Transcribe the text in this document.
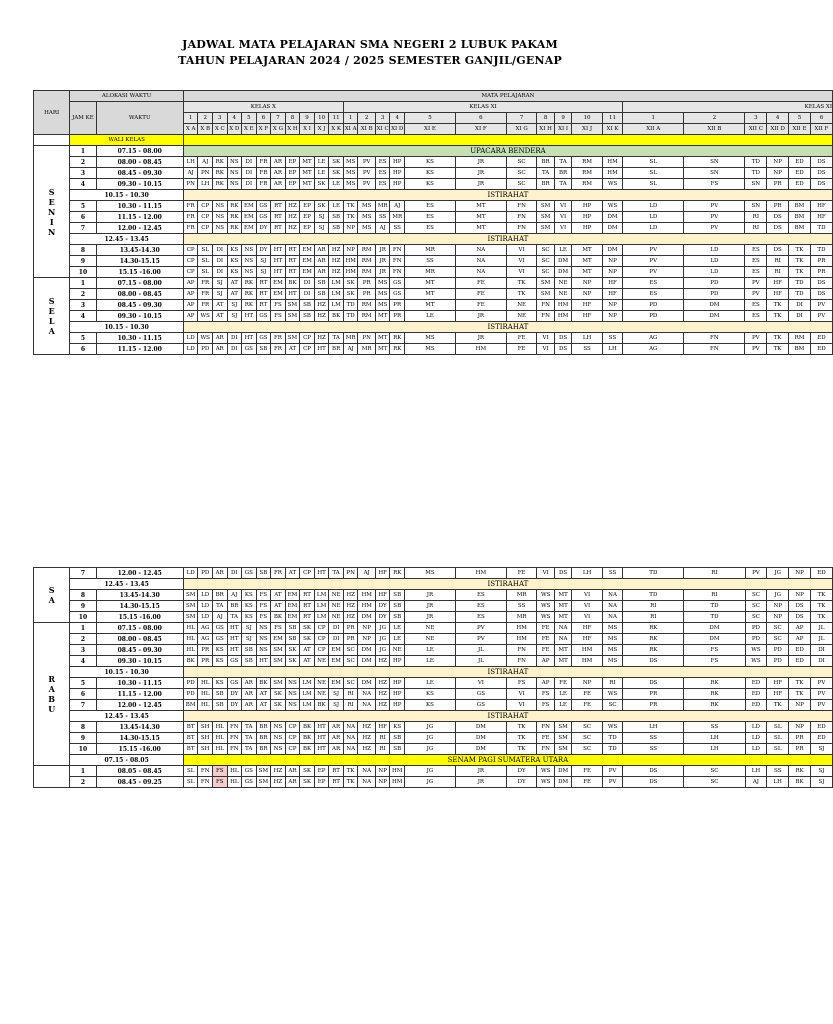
JADWAL MATA PELAJARAN SMA NEGERI 2 LUBUK PAKAM
TAHUN PELAJARAN 2024 / 2025 SEMESTER GANJIL/GENAP
HARI	ALOKASI WAKTU		MATA PELAJARAN																											
	JAM KE	WAKTU	KELAS X											KELAS XI											KELAS XI					
			1	2	3	4	5	6	7	8	9	10	11	1	2	3	4	5	6	7	8	9	10	11	1	2	3	4	5	6
			X A	X B	X C	X D	X E	X F	X G	X H	X I	X J	X K	XI A	XI B	XI C	XI D	XI E	XI F	XI G	XI H	XI I	XI J	XI K	XII A	XII B	XII C	XII D	XII E	XII F
	WALI KELAS																													
S
E
N
I
N	1	07.15 - 08.00	UPACARA BENDERA																											
	2	08.00 - 08.45	LH	AJ	RK	NS	DI	FR	AR	EP	MT	LE	SK	MS	PV	ES	HP	KS	JR	SC	BR	TA	RM	HM	SL	SN	TD	NP	ED	DS
	3	08.45 - 09.30	AJ	PN	RK	NS	DI	FR	AR	EP	MT	LE	SK	MS	PV	ES	HP	KS	JR	SC	TA	BR	RM	HM	SL	SN	TD	NP	ED	DS
	4	09.30 - 10.15	PN	LH	RK	NS	DI	FR	AR	EP	MT	SK	LE	MS	PV	ES	HP	KS	JR	SC	BR	TA	RM	WS	SL	FS	SN	PR	ED	DS
	10.15 - 10.30		ISTIRAHAT																											
	5	10.30 - 11.15	FR	CP	NS	RK	EM	GS	RT	HZ	EP	SK	LE	TK	MS	MR	AJ	ES	MT	FN	SM	VI	HP	WS	LD	PV	SN	PR	BM	HF
	6	11.15 - 12.00	FR	CP	NS	RK	EM	GS	RT	HZ	EP	SJ	SB	TK	MS	SS	MR	ES	MT	FN	SM	VI	HP	DM	LD	PV	RI	DS	BM	HF
	7	12.00 - 12.45	FR	CP	NS	RK	EM	DY	RT	HZ	EP	SJ	SB	NP	MS	AJ	SS	ES	MT	FN	SM	VI	HP	DM	LD	PV	RI	DS	BM	TD
	12.45 - 13.45		ISTIRAHAT																											
	8	13.45-14.30	CP	SL	DI	KS	NS	DY	HT	RT	EM	AR	HZ	NP	RM	JR	FN	MR	NA	VI	SC	LE	MT	DM	PV	LD	ES	DS	TK	TD
	9	14.30-15.15	CP	SL	DI	KS	NS	SJ	HT	RT	EM	AR	HZ	HM	RM	JR	FN	SS	NA	VI	SC	DM	MT	NP	PV	LD	ES	RI	TK	PR
	10	15.15 -16.00	CP	SL	DI	KS	NS	SJ	HT	RT	EM	AR	HZ	HM	RM	JR	FN	MR	NA	VI	SC	DM	MT	NP	PV	LD	ES	RI	TK	PR
S
E
L
A	1	07.15 - 08.00	AP	FR	SJ	AT	RK	RT	EM	BK	DI	SB	LM	SK	PR	MS	GS	MT	FE	TK	SM	NE	NP	HF	ES	PD	PV	HF	TD	DS
	2	08.00 - 08.45	AP	FR	SJ	AT	RK	RT	EM	HT	DI	SB	LM	SK	PR	MS	GS	MT	FE	TK	SM	NE	NP	HF	ES	PD	PV	HF	TD	DS
	3	08.45 - 09.30	AP	FR	AT	SJ	RK	RT	FS	SM	SB	HZ	LM	TD	RM	MS	PR	MT	FE	NE	FN	HM	HF	NP	PD	DM	ES	TK	DI	PV
	4	09.30 - 10.15	AP	WS	AT	SJ	HT	GS	FS	SM	SB	HZ	BK	TD	RM	MT	PR	LE	JR	NE	FN	HM	HF	NP	PD	DM	ES	TK	DI	PV
	10.15 - 10.30		ISTIRAHAT																											
	5	10.30 - 11.15	LD	WS	AR	DI	HT	GS	FR	SM	CP	HZ	TA	MR	PN	MT	RK	MS	JR	FE	VI	DS	LH	SS	AG	FN	PV	TK	RM	ED
	6	11.15 - 12.00	LD	PD	AR	DI	GS	SB	FR	AT	CP	HT	BR	AJ	MR	MT	RK	MS	HM	FE	VI	DS	SS	LH	AG	FN	PV	TK	BM	ED
S
A	7	12.00 - 12.45	LD	PD	AR	DI	GS	SB	FR	AT	CP	HT	TA	PN	AJ	HF	RK	MS	HM	FE	VI	DS	LH	SS	TD	RI	PV	JG	NP	ED
	12.45 - 13.45		ISTIRAHAT																											
	8	13.45-14.30	SM	LD	BR	AJ	KS	FS	AT	EM	RT	LM	NE	HZ	HM	HF	SB	JR	ES	MR	WS	MT	VI	NA	TD	RI	SC	JG	NP	TK
	9	14.30-15.15	SM	LD	TA	BR	KS	FS	AT	EM	RT	LM	NE	HZ	HM	DY	SB	JR	ES	SS	WS	MT	VI	NA	RI	TD	SC	NP	DS	TK
	10	15.15 -16.00	SM	LD	AJ	TA	KS	FS	BK	EM	RT	LM	NE	HZ	DM	DY	SB	JR	ES	MR	WS	MT	VI	NA	RI	TD	SC	NP	DS	TK
R
A
B
U	1	07.15 - 08.00	HL	AG	GS	HT	SJ	NS	FS	SB	SK	CP	DI	PR	NP	JG	LE	NE	PV	HM	FE	NA	HF	MS	RK	DM	PD	SC	AP	JL
	2	08.00 - 08.45	HL	AG	GS	HT	SJ	NS	EM	SB	SK	CP	DI	PR	NP	JG	LE	NE	PV	HM	FE	NA	HF	MS	RK	DM	PD	SC	AP	JL
	3	08.45 - 09.30	HL	PR	KS	HT	SB	NS	SM	SK	AT	CP	EM	SC	DM	JG	NE	LE	JL	FN	FE	MT	HM	MS	RK	FS	WS	PD	ED	DI
	4	09.30 - 10.15	BK	PR	KS	GS	SB	HT	SM	SK	AT	NE	EM	SC	DM	HZ	HP	LE	JL	FN	AP	MT	HM	MS	DS	FS	WS	PD	ED	DI
	10.15 - 10.30		ISTIRAHAT																											
	5	10.30 - 11.15	PD	HL	KS	GS	AR	BK	SM	NS	LM	NE	EM	SC	DM	HZ	HP	LE	VI	FS	AP	FE	NP	RI	DS	RK	ED	HF	TK	PV
	6	11.15 - 12.00	PD	HL	SB	DY	AR	AT	SK	NS	LM	NE	SJ	RI	NA	HZ	HP	KS	GS	VI	FS	LE	FE	WS	PR	RK	ED	HF	TK	PV
	7	12.00 - 12.45	BM	HL	SB	DY	AR	AT	SK	NS	LM	BK	SJ	RI	NA	HZ	HP	KS	GS	VI	FS	LE	FE	SC	PR	RK	ED	TK	NP	PV
	12.45 - 13.45		ISTIRAHAT																											
	8	13.45-14.30	BT	SH	HL	FN	TA	BR	NS	CP	BK	HT	AR	NA	HZ	HF	KS	JG	DM	TK	FN	SM	SC	WS	LH	SS	LD	SL	NP	ED
	9	14.30-15.15	BT	SH	HL	FN	TA	BR	NS	CP	BK	HT	AR	NA	HZ	RI	SB	JG	DM	TK	FE	SM	SC	TD	SS	LH	LD	SL	PR	ED
	10	15.15 -16.00	BT	SH	HL	FN	TA	BR	NS	CP	BK	HT	AR	NA	HZ	RI	SB	JG	DM	TK	FN	SM	SC	TD	SS	LH	LD	SL	PR	SJ
	07.15 - 08.05		SENAM PAGI SUMATERA UTARA																											
	1	08.05 - 08.45	SL	FN	FS	HL	GS	SM	HZ	AR	SK	EP	RT	TK	NA	NP	HM	JG	JR	DY	WS	DM	FE	PV	DS	SC	LH	SS	RK	SJ
	2	08.45 - 09.25	SL	FN	FS	HL	GS	SM	HZ	AR	SK	EP	RT	TK	NA	NP	HM	JG	JR	DY	WS	DM	FE	PV	DS	SC	AJ	LH	BK	SJ
